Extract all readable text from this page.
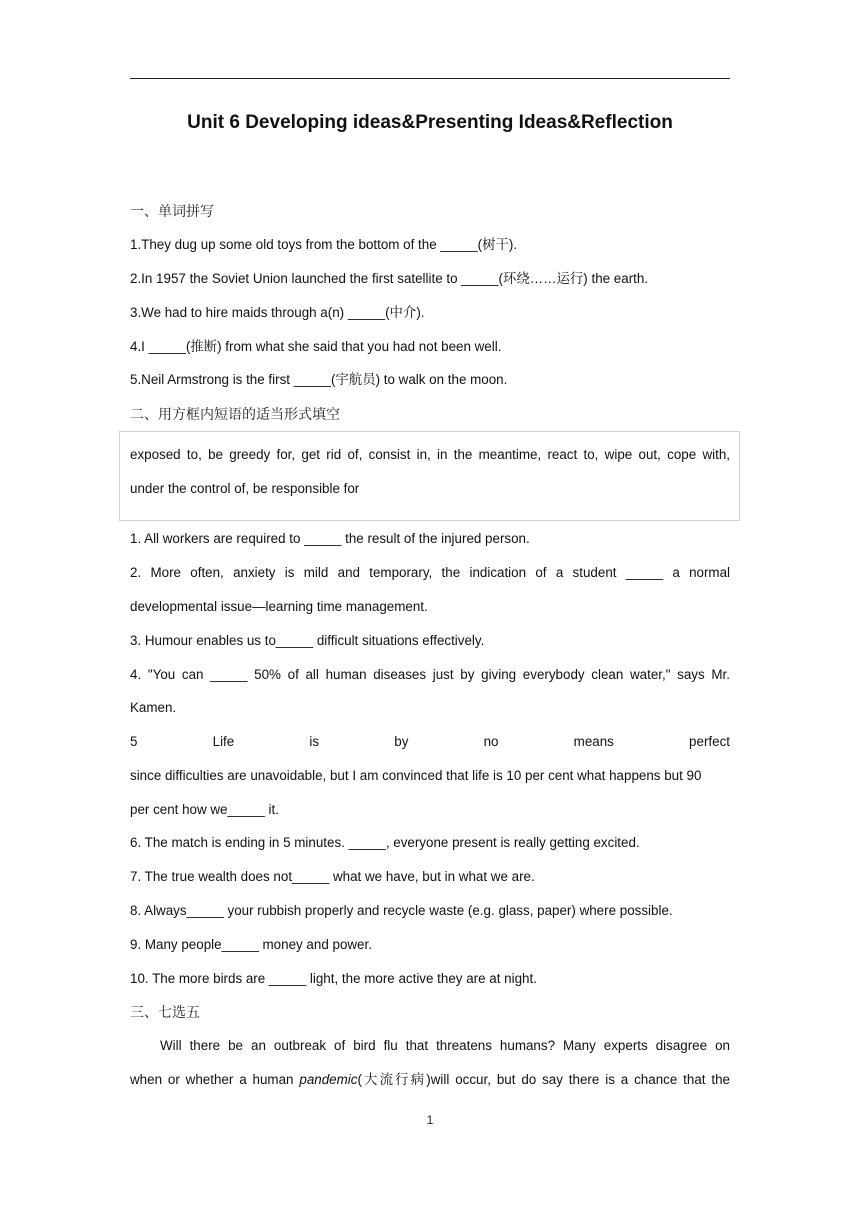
Unit 6 Developing ideas&Presenting Ideas&Reflection
一、单词拼写
1.They dug up some old toys from the bottom of the _____(树干).
2.In 1957 the Soviet Union launched the first satellite to _____(环绕……运行) the earth.
3.We had to hire maids through a(n) _____(中介).
4.I _____(推断) from what she said that you had not been well.
5.Neil Armstrong is the first _____(宇航员) to walk on the moon.
二、用方框内短语的适当形式填空
exposed to, be greedy for, get rid of, consist in, in the meantime, react to, wipe out, cope with,
under the control of, be responsible for
1. All workers are required to _____ the result of the injured person.
2. More often, anxiety is mild and temporary, the indication of a student _____ a normal
developmental issue—learning time management.
3. Humour enables us to_____ difficult situations effectively.
4. "You can _____ 50% of all human diseases just by giving everybody clean water," says Mr.
Kamen.
5 Life is by no means perfect
since difficulties are unavoidable, but I am convinced that life is 10 per cent what happens but 90
per cent how we_____ it.
6. The match is ending in 5 minutes. _____, everyone present is really getting excited.
7. The true wealth does not_____ what we have, but in what we are.
8. Always_____ your rubbish properly and recycle waste (e.g. glass, paper) where possible.
9. Many people_____ money and power.
10. The more birds are _____ light, the more active they are at night.
三、七选五
Will there be an outbreak of bird flu that threatens humans? Many experts disagree on
when or whether a human pandemic(大流行病)will occur, but do say there is a chance that the
1
